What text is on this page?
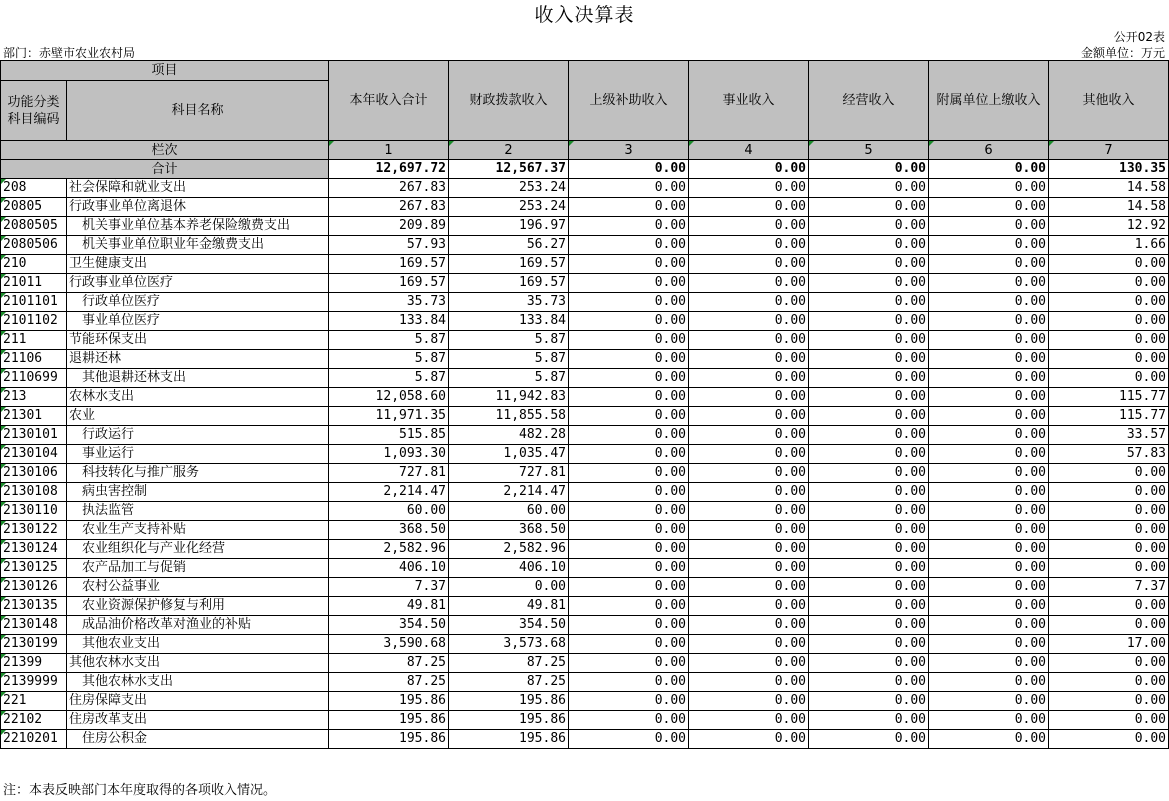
收入决算表
公开02表
部门：赤壁市农业农村局	金额单位：万元
项目		本年收入合计	财政拨款收入	上级补助收入	事业收入	经营收入	附属单位上缴收入	其他收入
功能分类科目编码	科目名称							

栏次		1	2	3	4	5	6	7
合计		12,697.72	12,567.37	0.00	0.00	0.00	0.00	130.35
208	社会保障和就业支出	267.83	253.24	0.00	0.00	0.00	0.00	14.58
20805	行政事业单位离退休	267.83	253.24	0.00	0.00	0.00	0.00	14.58
2080505	　机关事业单位基本养老保险缴费支出	209.89	196.97	0.00	0.00	0.00	0.00	12.92
2080506	　机关事业单位职业年金缴费支出	57.93	56.27	0.00	0.00	0.00	0.00	1.66
210	卫生健康支出	169.57	169.57	0.00	0.00	0.00	0.00	0.00
21011	行政事业单位医疗	169.57	169.57	0.00	0.00	0.00	0.00	0.00
2101101	　行政单位医疗	35.73	35.73	0.00	0.00	0.00	0.00	0.00
2101102	　事业单位医疗	133.84	133.84	0.00	0.00	0.00	0.00	0.00
211	节能环保支出	5.87	5.87	0.00	0.00	0.00	0.00	0.00
21106	退耕还林	5.87	5.87	0.00	0.00	0.00	0.00	0.00
2110699	　其他退耕还林支出	5.87	5.87	0.00	0.00	0.00	0.00	0.00
213	农林水支出	12,058.60	11,942.83	0.00	0.00	0.00	0.00	115.77
21301	农业	11,971.35	11,855.58	0.00	0.00	0.00	0.00	115.77
2130101	　行政运行	515.85	482.28	0.00	0.00	0.00	0.00	33.57
2130104	　事业运行	1,093.30	1,035.47	0.00	0.00	0.00	0.00	57.83
2130106	　科技转化与推广服务	727.81	727.81	0.00	0.00	0.00	0.00	0.00
2130108	　病虫害控制	2,214.47	2,214.47	0.00	0.00	0.00	0.00	0.00
2130110	　执法监管	60.00	60.00	0.00	0.00	0.00	0.00	0.00
2130122	　农业生产支持补贴	368.50	368.50	0.00	0.00	0.00	0.00	0.00
2130124	　农业组织化与产业化经营	2,582.96	2,582.96	0.00	0.00	0.00	0.00	0.00
2130125	　农产品加工与促销	406.10	406.10	0.00	0.00	0.00	0.00	0.00
2130126	　农村公益事业	7.37	0.00	0.00	0.00	0.00	0.00	7.37
2130135	　农业资源保护修复与利用	49.81	49.81	0.00	0.00	0.00	0.00	0.00
2130148	　成品油价格改革对渔业的补贴	354.50	354.50	0.00	0.00	0.00	0.00	0.00
2130199	　其他农业支出	3,590.68	3,573.68	0.00	0.00	0.00	0.00	17.00
21399	其他农林水支出	87.25	87.25	0.00	0.00	0.00	0.00	0.00
2139999	　其他农林水支出	87.25	87.25	0.00	0.00	0.00	0.00	0.00
221	住房保障支出	195.86	195.86	0.00	0.00	0.00	0.00	0.00
22102	住房改革支出	195.86	195.86	0.00	0.00	0.00	0.00	0.00
2210201	　住房公积金	195.86	195.86	0.00	0.00	0.00	0.00	0.00
注：本表反映部门本年度取得的各项收入情况。
